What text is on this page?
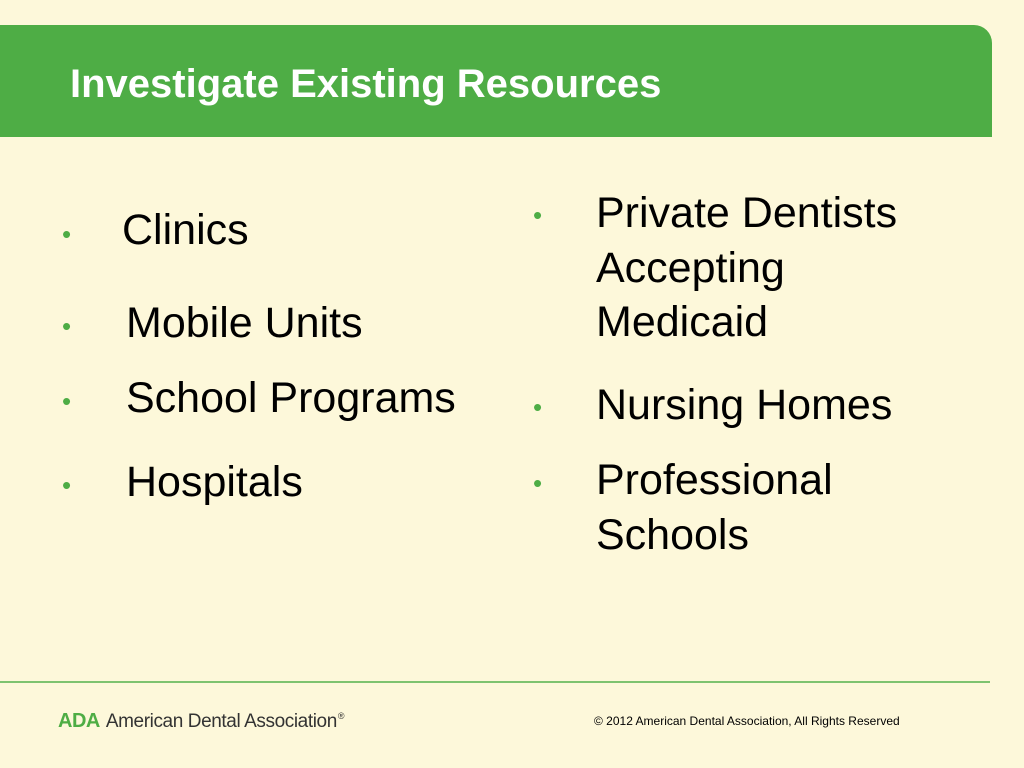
Investigate Existing Resources
• Clinics
• Mobile Units
• School Programs
• Hospitals
• Private Dentists
Accepting
Medicaid
• Nursing Homes
• Professional
Schools
ADA American Dental Association ®	© 2012 American Dental Association, All Rights Reserved
